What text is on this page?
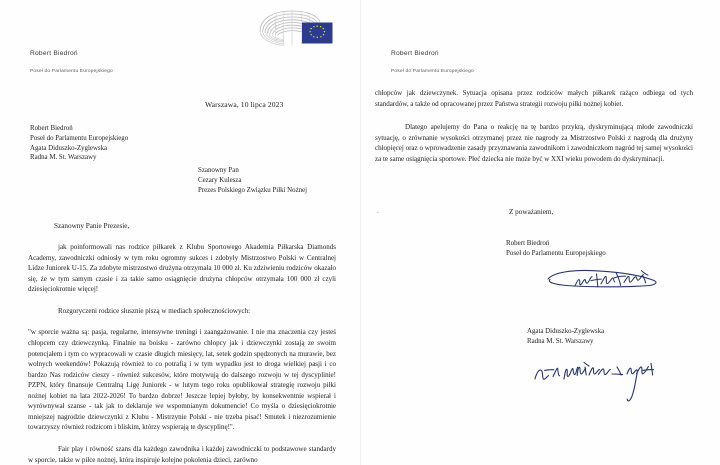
Robert Biedroń
Poseł do Parlamentu Europejskiego
Warszawa, 10 lipca 2023
Robert Biedroń
Poseł do Parlamentu Europejskiego
Agata Diduszko-Zyglewska
Radna M. St. Warszawy
Szanowny Pan
Cezary Kulesza
Prezes Polskiego Związku Piłki Nożnej
Szanowny Panie Prezesie,

jak poinformowali nas rodzice piłkarek z Klubu Sportowego Akademia Piłkarska Diamonds Academy, zawodniczki odniosły w tym roku ogromny sukces i zdobyły Mistrzostwo Polski w Centralnej Lidze Juniorek U-15. Za zdobyte mistrzostwo drużyna otrzymała 10 000 zł. Ku zdziwieniu rodziców okazało się, że w tym samym czasie i za takie samo osiągnięcie drużyna chłopców otrzymała 100 000 zł czyli dziesięciokrotnie więcej!

Rozgoryczeni rodzice słusznie piszą w mediach społecznościowych:

"w sporcie ważna są: pasja, regularne, intensywne treningi i zaangażowanie. I nie ma znaczenia czy jesteś chłopcem czy dziewczynką. Finalnie na boisku - zarówno chłopcy jak i dziewczynki zostają ze swoim potencjałem i tym co wypracowali w czasie długich miesięcy, lat, setek godzin spędzonych na murawie, bez wolnych weekendów! Pokazują również to co potrafią i w tym wypadku jest to droga wielkiej pasji i co bardzo Nas rodziców cieszy - również sukcesów, które motywują do dalszego rozwoju w tej dyscyplinie! PZPN, który finansuje Centralną Ligę Juniorek - w lutym tego roku opublikował strategię rozwoju piłki nożnej kobiet na lata 2022-2026! To bardzo dobrze! Jeszcze lepiej byłoby, by konsekwentnie wspierał i wyrównywał szanse - tak jak to deklaruje we wspomnianym dokumencie! Co myśla o dziesięciokrotnie mniejszej nagrodzie dziewczynki z Klubu - Mistrzynie Polski - nie trzeba pisać! Smutek i niezrozumienie towarzyszy również rodzicom i bliskim, którzy wspierają te dyscyplinę!".

Fair play i równość szans dla każdego zawodnika i każdej zawodniczki to podstawowe standardy w sporcie, także w piłce nożnej, która inspiruje kolejne pokolenia dzieci, zarówno

Robert Biedroń
Poseł do Parlamentu Europejskiego

chłopców jak dziewczynek. Sytuacja opisana przez rodziców małych piłkarek rażąco odbiega od tych standardów, a także od opracowanej przez Państwa strategii rozwoju piłki nożnej kobiet.

Dlatego apelujemy do Pana o reakcję na tę bardzo przykrą, dyskryminującą młode zawodniczki sytuację, o zrównanie wysokości otrzymanej przez nie nagrody za Mistrzostwo Polski z nagrodą dla drużyny chłopięcej oraz o wprowadzenie zasady przyznawania zawodnikom i zawodniczkom nagród tej samej wysokości za te same osiągnięcia sportowe. Płeć dziecka nie może być w XXI wieku powodem do dyskryminacji.

.	Z poważaniem,
Robert Biedroń
Poseł do Parlamentu Europejskiego
Agata Diduszko-Zyglewska
Radna M. St. Warszawy
